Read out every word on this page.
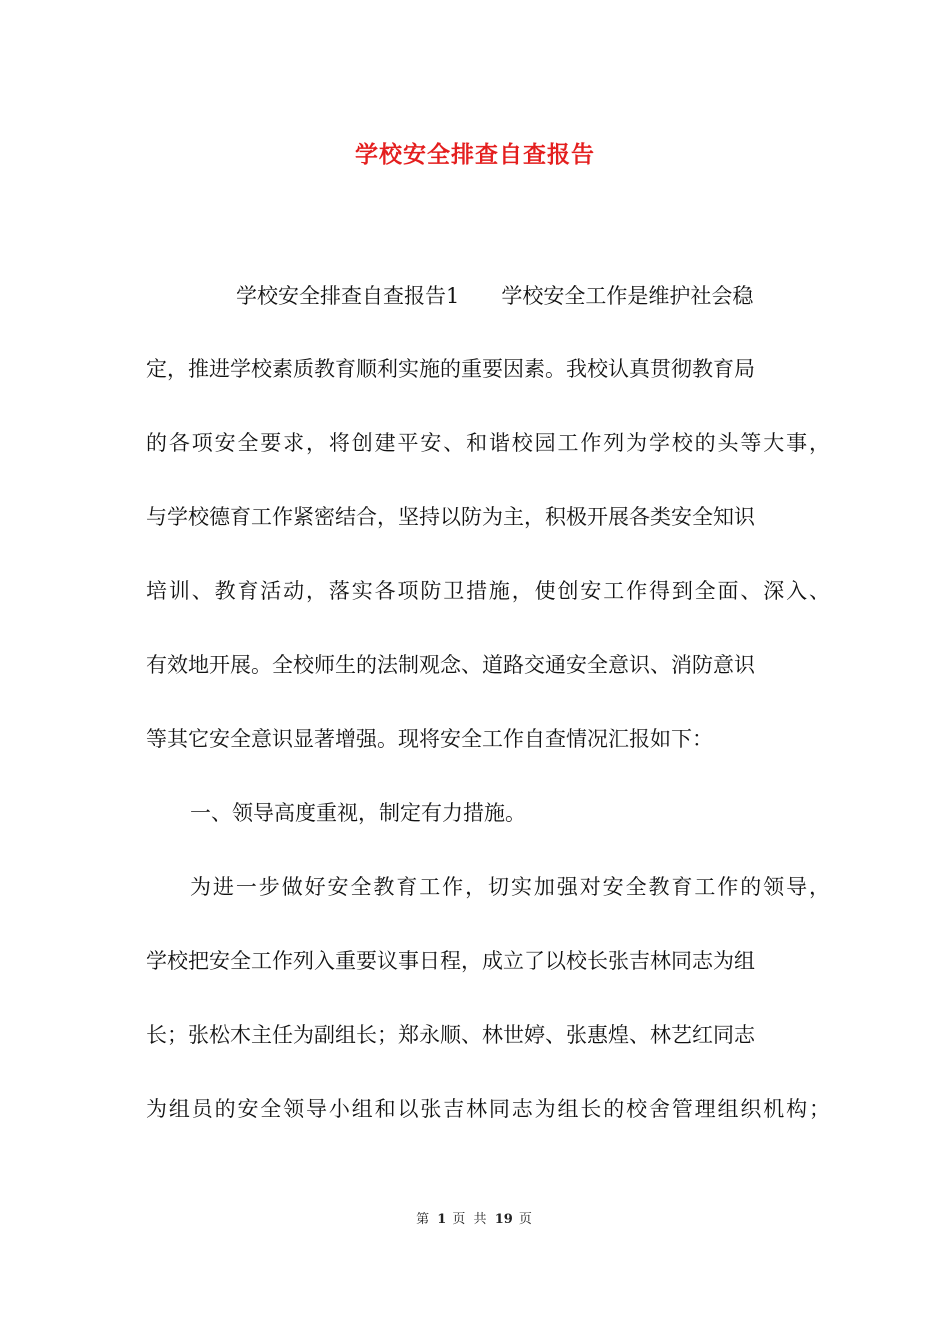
学校安全排查自查报告
学校安全排查自查报告1　　学校安全工作是维护社会稳
定，推进学校素质教育顺利实施的重要因素。我校认真贯彻教育局
的各项安全要求，将创建平安、和谐校园工作列为学校的头等大事，
与学校德育工作紧密结合，坚持以防为主，积极开展各类安全知识
培训、教育活动，落实各项防卫措施，使创安工作得到全面、深入、
有效地开展。全校师生的法制观念、道路交通安全意识、消防意识
等其它安全意识显著增强。现将安全工作自查情况汇报如下：
一、领导高度重视，制定有力措施。
为进一步做好安全教育工作，切实加强对安全教育工作的领导，
学校把安全工作列入重要议事日程，成立了以校长张吉林同志为组
长；张松木主任为副组长；郑永顺、林世婷、张惠煌、林艺红同志
为组员的安全领导小组和以张吉林同志为组长的校舍管理组织机构；
第 1 页 共 19 页
